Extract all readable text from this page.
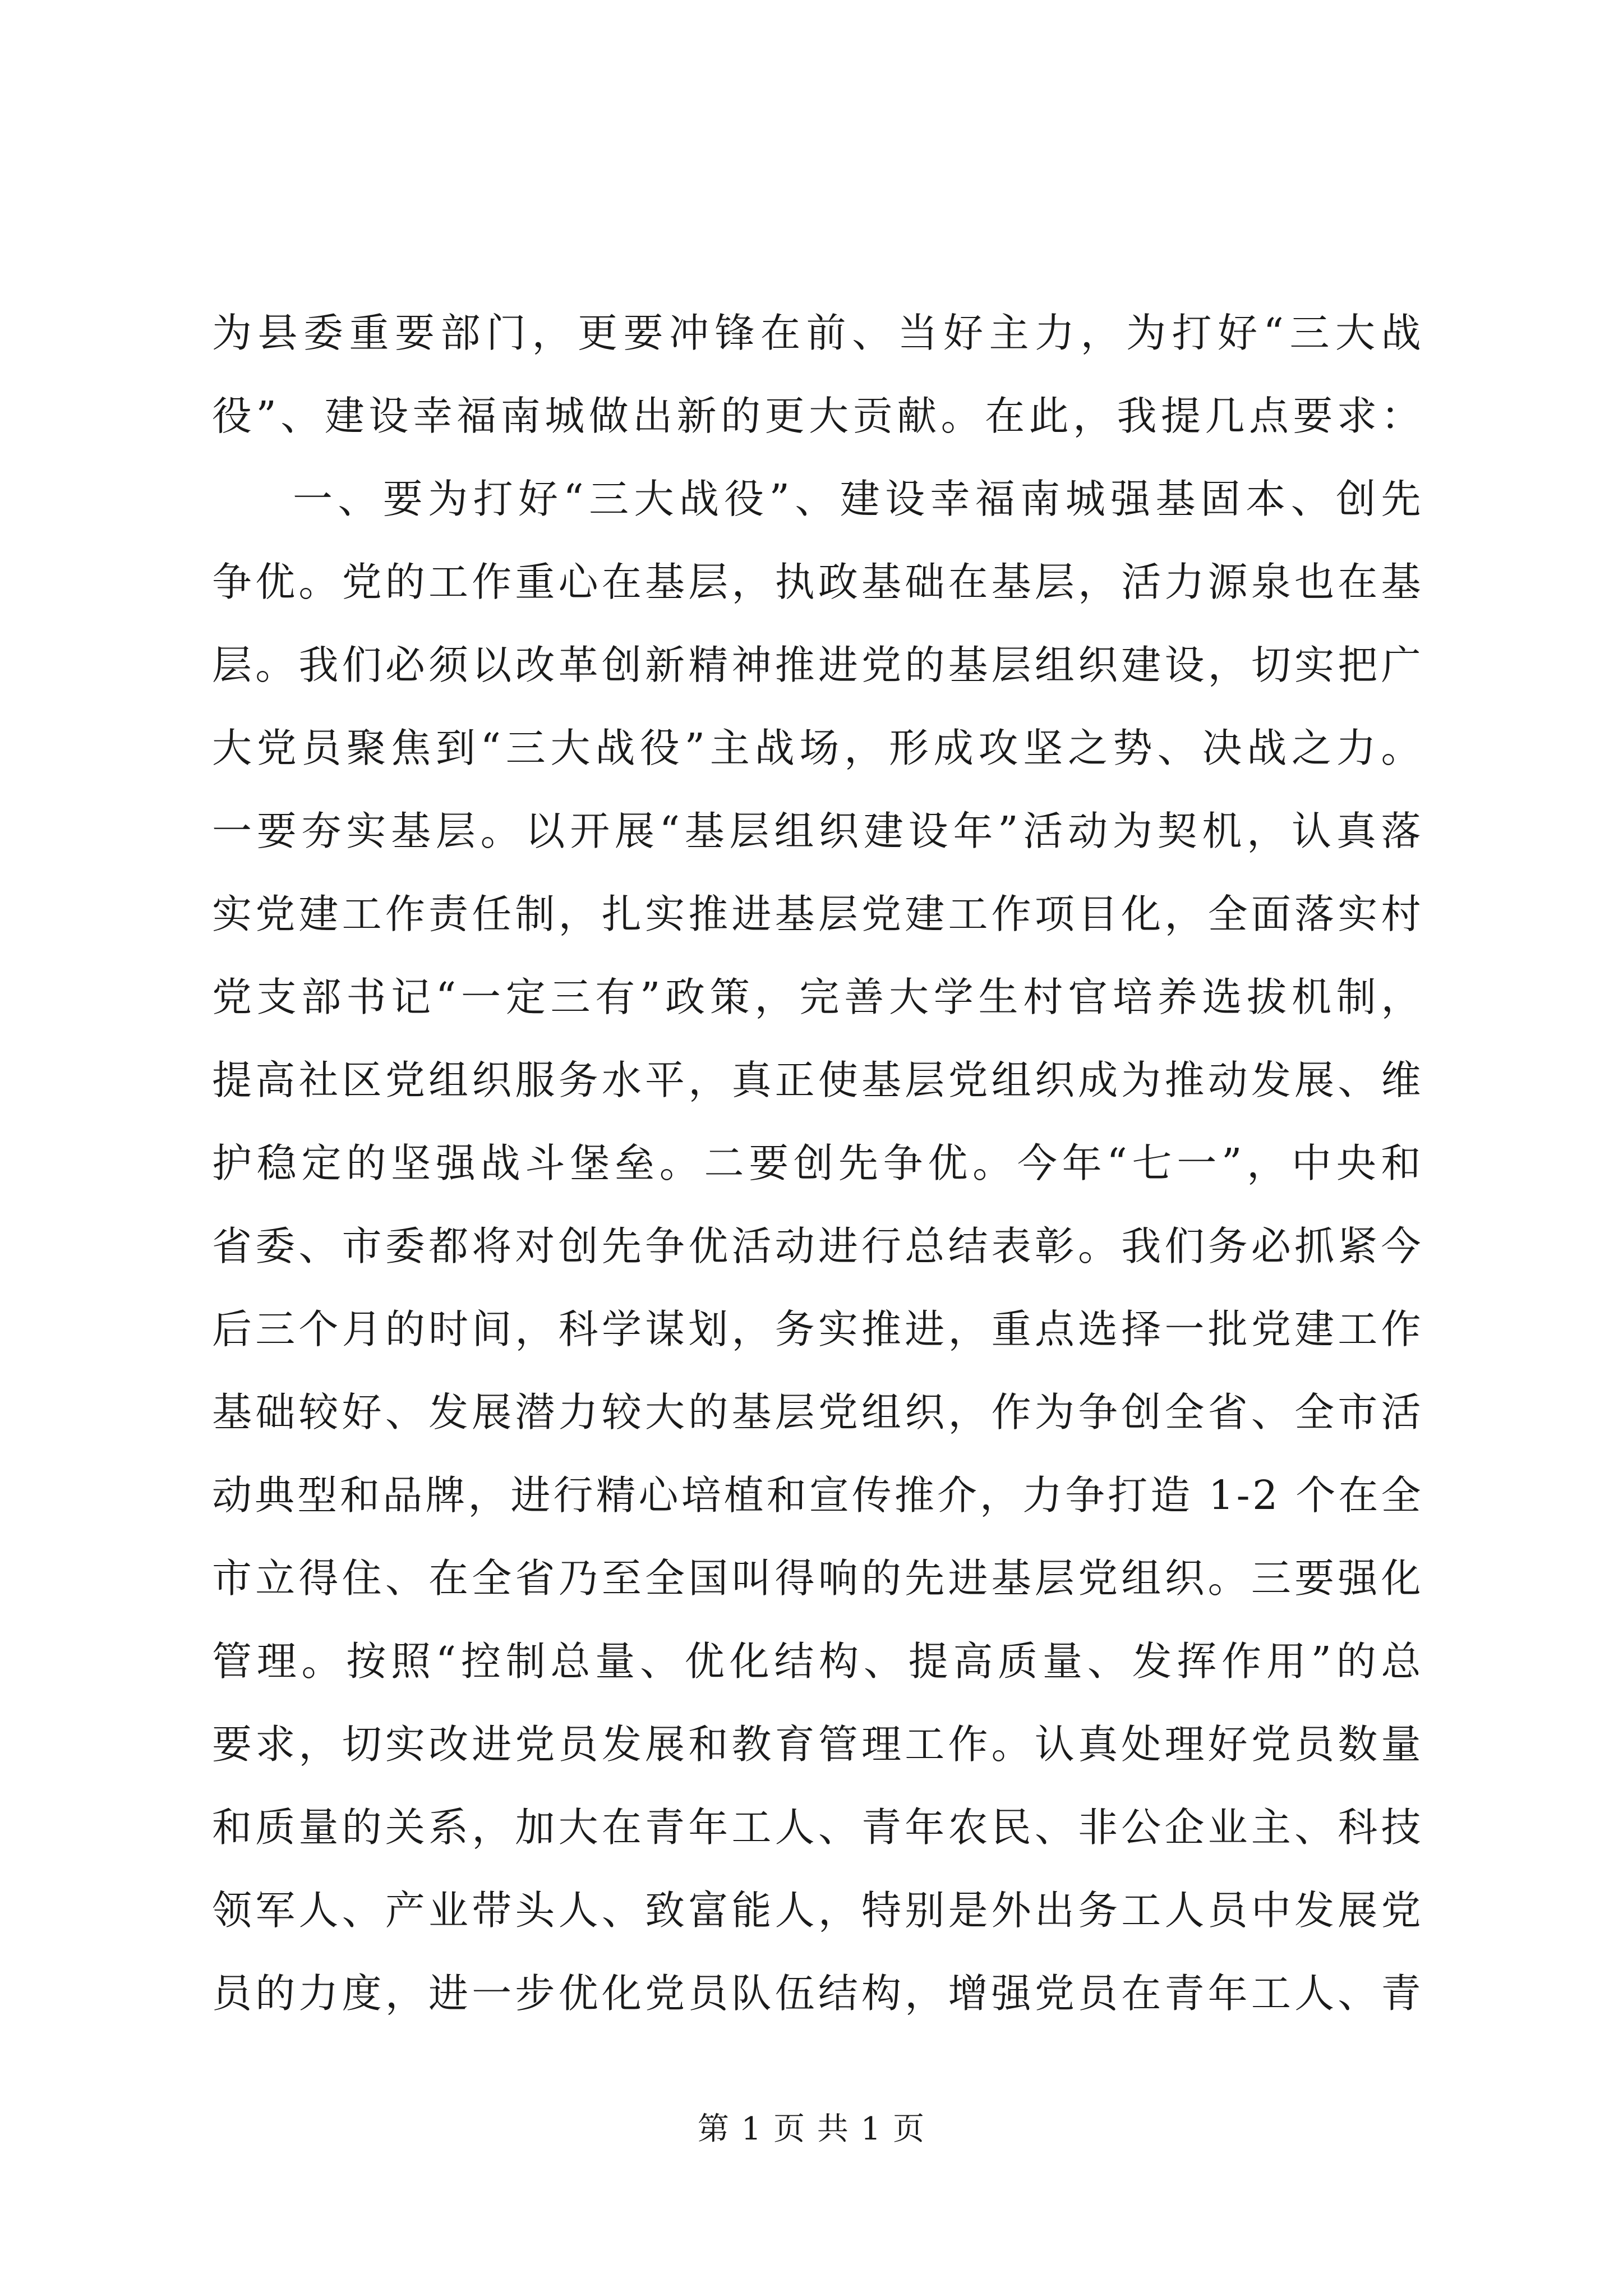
为县委重要部门，更要冲锋在前、当好主力，为打好“三大战
役”、建设幸福南城做出新的更大贡献。在此，我提几点要求：
一、要为打好“三大战役”、建设幸福南城强基固本、创先
争优。党的工作重心在基层，执政基础在基层，活力源泉也在基
层。我们必须以改革创新精神推进党的基层组织建设，切实把广
大党员聚焦到“三大战役”主战场，形成攻坚之势、决战之力。
一要夯实基层。以开展“基层组织建设年”活动为契机，认真落
实党建工作责任制，扎实推进基层党建工作项目化，全面落实村
党支部书记“一定三有”政策，完善大学生村官培养选拔机制，
提高社区党组织服务水平，真正使基层党组织成为推动发展、维
护稳定的坚强战斗堡垒。二要创先争优。今年“七一”，中央和
省委、市委都将对创先争优活动进行总结表彰。我们务必抓紧今
后三个月的时间，科学谋划，务实推进，重点选择一批党建工作
基础较好、发展潜力较大的基层党组织，作为争创全省、全市活
动典型和品牌，进行精心培植和宣传推介，力争打造 1-2 个在全
市立得住、在全省乃至全国叫得响的先进基层党组织。三要强化
管理。按照“控制总量、优化结构、提高质量、发挥作用”的总
要求，切实改进党员发展和教育管理工作。认真处理好党员数量
和质量的关系，加大在青年工人、青年农民、非公企业主、科技
领军人、产业带头人、致富能人，特别是外出务工人员中发展党
员的力度，进一步优化党员队伍结构，增强党员在青年工人、青
第 1 页 共 1 页
